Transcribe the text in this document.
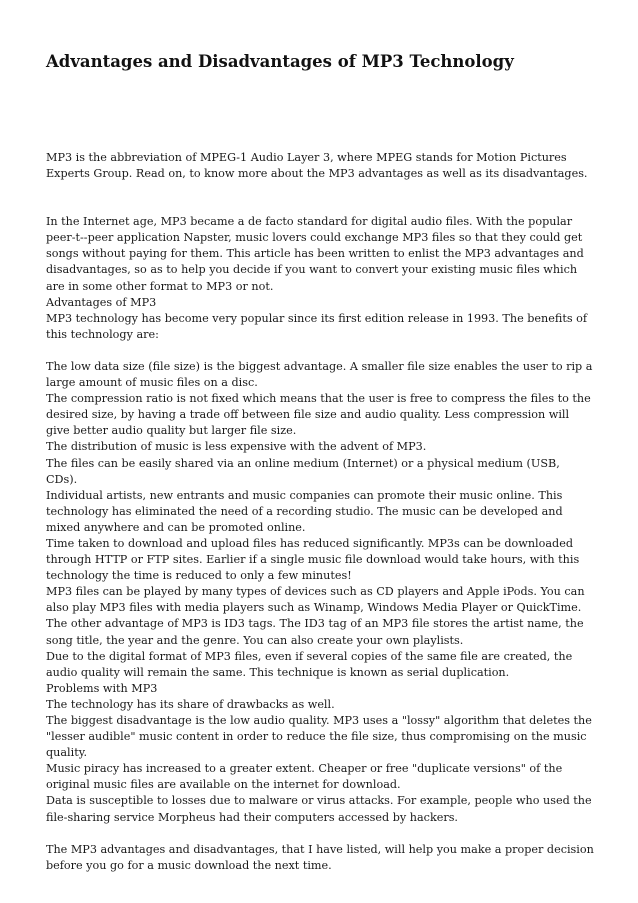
Advantages and Disadvantages of MP3 Technology

MP3 is the abbreviation of MPEG-1 Audio Layer 3, where MPEG stands for Motion Pictures Experts Group. Read on, to know more about the MP3 advantages as well as its disadvantages.

In the Internet age, MP3 became a de facto standard for digital audio files. With the popular peer-t--peer application Napster, music lovers could exchange MP3 files so that they could get songs without paying for them. This article has been written to enlist the MP3 advantages and disadvantages, so as to help you decide if you want to convert your existing music files which are in some other format to MP3 or not.

Advantages of MP3

MP3 technology has become very popular since its first edition release in 1993. The benefits of this technology are:

The low data size (file size) is the biggest advantage. A smaller file size enables the user to rip a large amount of music files on a disc.

The compression ratio is not fixed which means that the user is free to compress the files to the desired size, by having a trade off between file size and audio quality. Less compression will give better audio quality but larger file size.

The distribution of music is less expensive with the advent of MP3.

The files can be easily shared via an online medium (Internet) or a physical medium (USB, CDs).

Individual artists, new entrants and music companies can promote their music online. This technology has eliminated the need of a recording studio. The music can be developed and mixed anywhere and can be promoted online.

Time taken to download and upload files has reduced significantly. MP3s can be downloaded through HTTP or FTP sites. Earlier if a single music file download would take hours, with this technology the time is reduced to only a few minutes!

MP3 files can be played by many types of devices such as CD players and Apple iPods. You can also play MP3 files with media players such as Winamp, Windows Media Player or QuickTime.

The other advantage of MP3 is ID3 tags. The ID3 tag of an MP3 file stores the artist name, the song title, the year and the genre. You can also create your own playlists.

Due to the digital format of MP3 files, even if several copies of the same file are created, the audio quality will remain the same. This technique is known as serial duplication.

Problems with MP3

The technology has its share of drawbacks as well.

The biggest disadvantage is the low audio quality. MP3 uses a "lossy" algorithm that deletes the "lesser audible" music content in order to reduce the file size, thus compromising on the music quality.

Music piracy has increased to a greater extent. Cheaper or free "duplicate versions" of the original music files are available on the internet for download.

Data is susceptible to losses due to malware or virus attacks. For example, people who used the file-sharing service Morpheus had their computers accessed by hackers.

The MP3 advantages and disadvantages, that I have listed, will help you make a proper decision before you go for a music download the next time.
